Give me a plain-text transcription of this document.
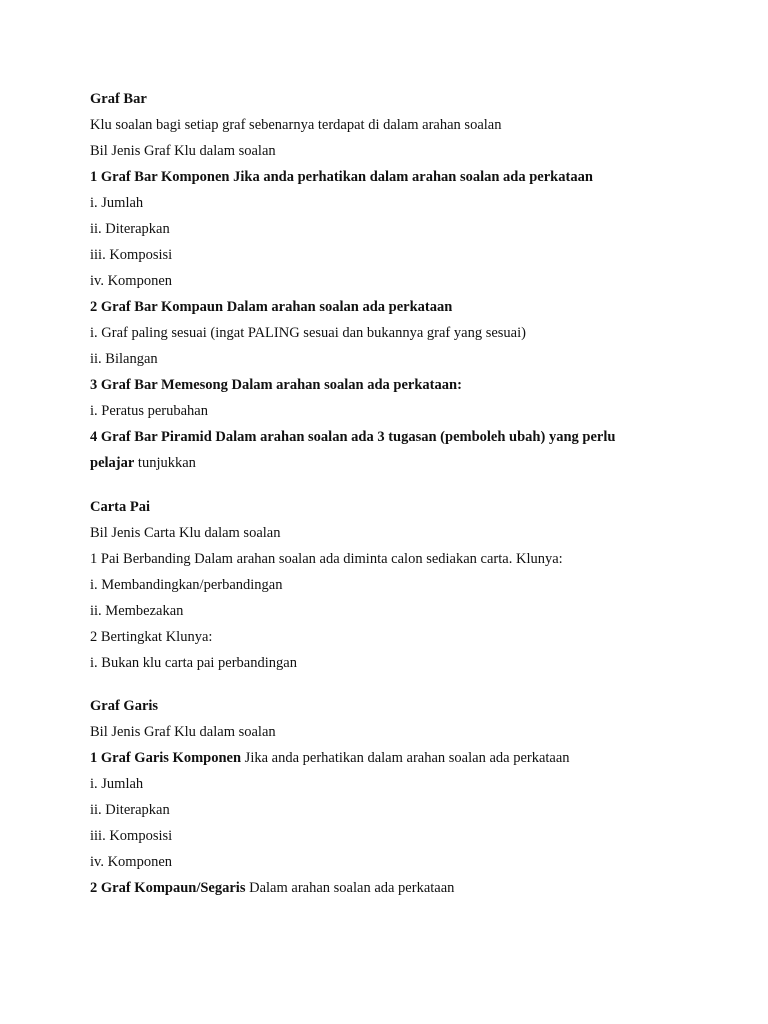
Graf Bar
Klu soalan bagi setiap graf sebenarnya terdapat di dalam arahan soalan
Bil Jenis Graf Klu dalam soalan
1 Graf Bar Komponen Jika anda perhatikan dalam arahan soalan ada perkataan
i. Jumlah
ii. Diterapkan
iii. Komposisi
iv. Komponen
2 Graf Bar Kompaun Dalam arahan soalan ada perkataan
i. Graf paling sesuai (ingat PALING sesuai dan bukannya graf yang sesuai)
ii. Bilangan
3 Graf Bar Memesong Dalam arahan soalan ada perkataan:
i. Peratus perubahan
4 Graf Bar Piramid Dalam arahan soalan ada 3 tugasan (pemboleh ubah) yang perlu
pelajar tunjukkan
Carta Pai
Bil Jenis Carta Klu dalam soalan
1 Pai Berbanding Dalam arahan soalan ada diminta calon sediakan carta. Klunya:
i. Membandingkan/perbandingan
ii. Membezakan
2 Bertingkat Klunya:
i. Bukan klu carta pai perbandingan
Graf Garis
Bil Jenis Graf Klu dalam soalan
1 Graf Garis Komponen Jika anda perhatikan dalam arahan soalan ada perkataan
i. Jumlah
ii. Diterapkan
iii. Komposisi
iv. Komponen
2 Graf Kompaun/Segaris Dalam arahan soalan ada perkataan
